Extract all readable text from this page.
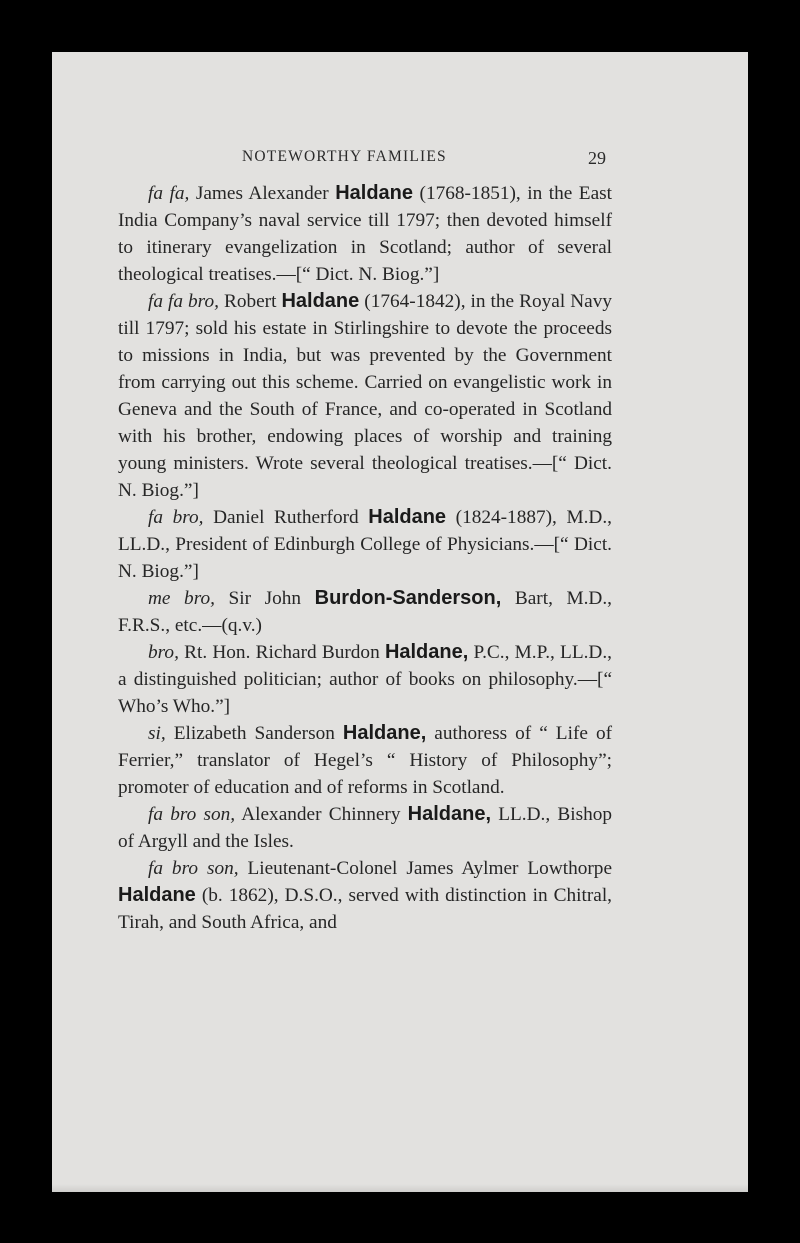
NOTEWORTHY FAMILIES	29

fa fa, James Alexander Haldane (1768-1851), in the East India Company’s naval service till 1797; then devoted himself to itinerary evangelization in Scotland; author of several theological treatises.—[“ Dict. N. Biog.”]

fa fa bro, Robert Haldane (1764-1842), in the Royal Navy till 1797; sold his estate in Stirlingshire to devote the proceeds to missions in India, but was prevented by the Government from carrying out this scheme. Carried on evangelistic work in Geneva and the South of France, and co-operated in Scotland with his brother, endowing places of worship and training young ministers. Wrote several theological treatises.—[“ Dict. N. Biog.”]

fa bro, Daniel Rutherford Haldane (1824-1887), M.D., LL.D., President of Edinburgh College of Physicians.—[“ Dict. N. Biog.”]

me bro, Sir John Burdon-Sanderson, Bart, M.D., F.R.S., etc.—(q.v.)

bro, Rt. Hon. Richard Burdon Haldane, P.C., M.P., LL.D., a distinguished politician; author of books on philosophy.—[“ Who’s Who.”]

si, Elizabeth Sanderson Haldane, authoress of “ Life of Ferrier,” translator of Hegel’s “ History of Philosophy”; promoter of education and of reforms in Scotland.

fa bro son, Alexander Chinnery Haldane, LL.D., Bishop of Argyll and the Isles.

fa bro son, Lieutenant-Colonel James Aylmer Lowthorpe Haldane (b. 1862), D.S.O., served with distinction in Chitral, Tirah, and South Africa, and
